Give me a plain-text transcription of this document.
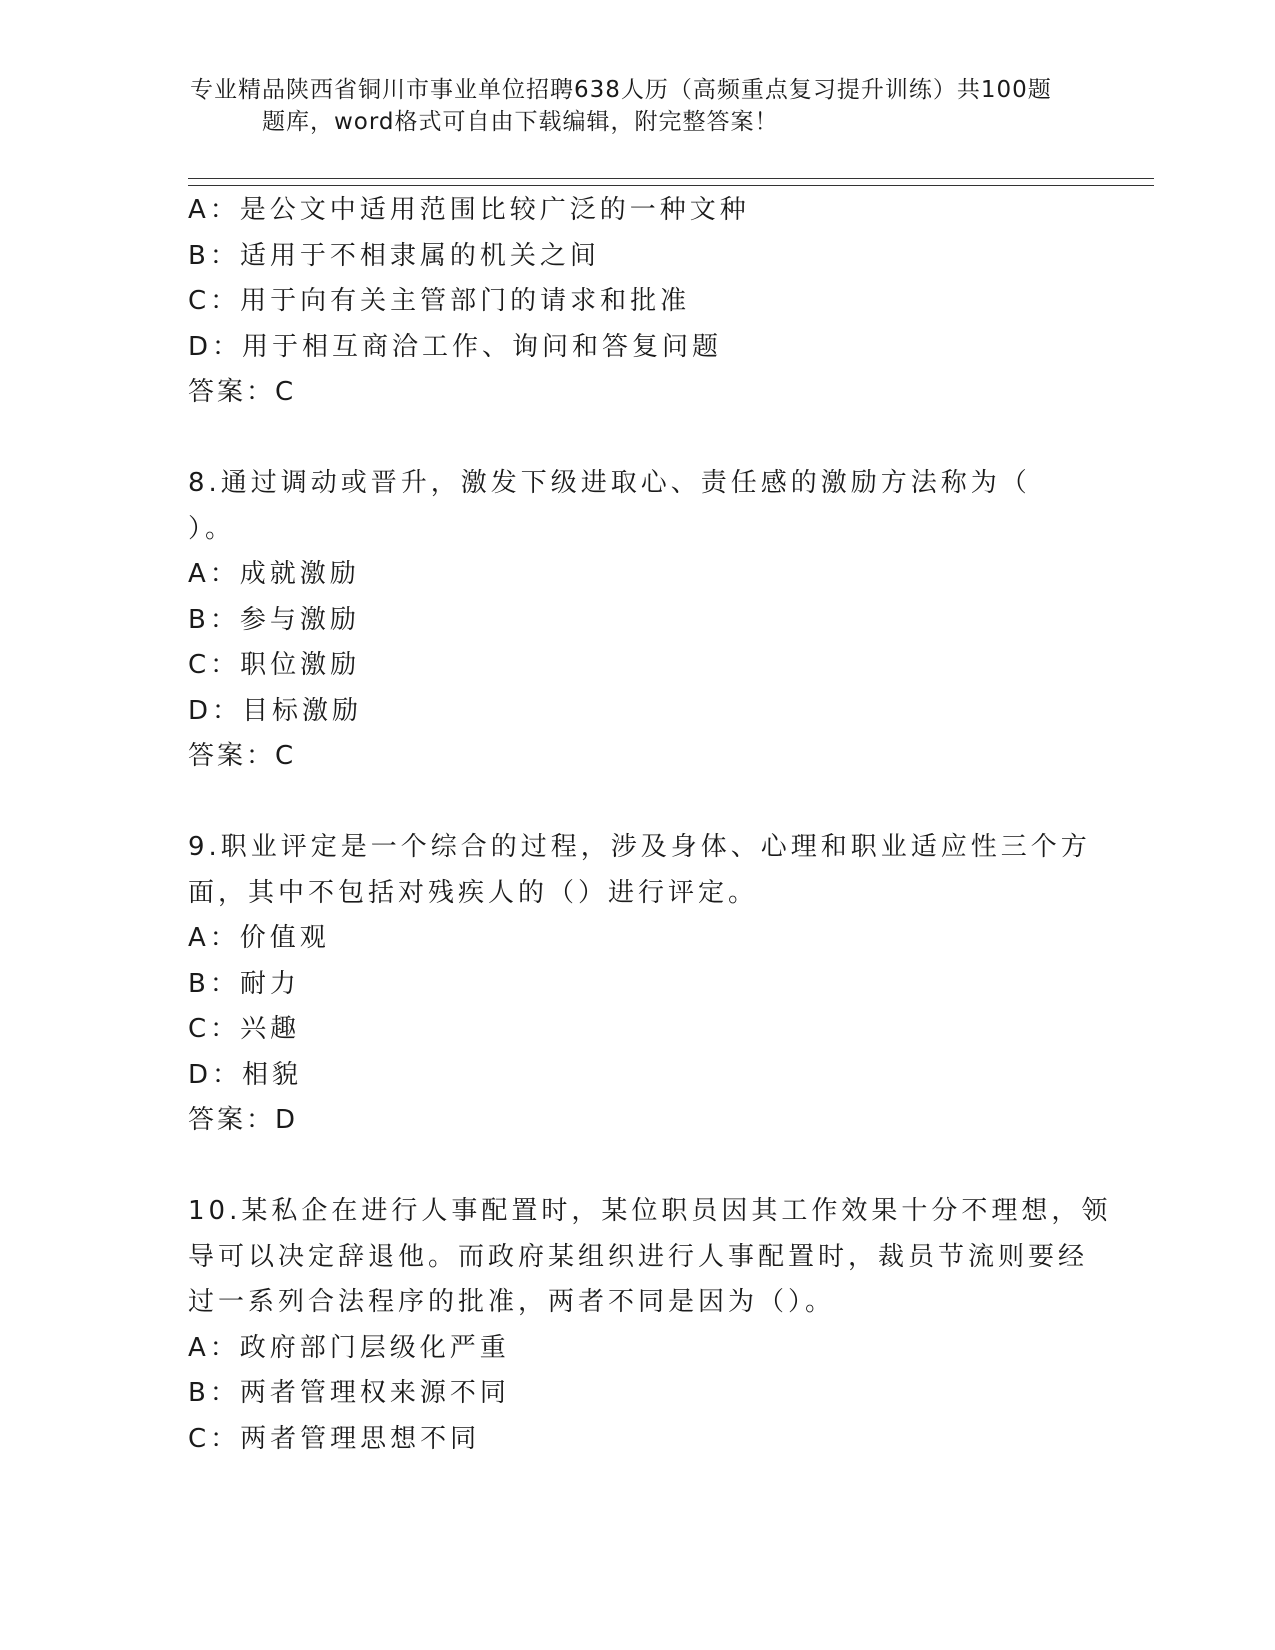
专业精品陕西省铜川市事业单位招聘638人历（高频重点复习提升训练）共100题
题库，word格式可自由下载编辑，附完整答案！
A：是公文中适用范围比较广泛的一种文种
B：适用于不相隶属的机关之间
C：用于向有关主管部门的请求和批准
D：用于相互商洽工作、询问和答复问题
答案：C
8.通过调动或晋升，激发下级进取心、责任感的激励方法称为（
）。
A：成就激励
B：参与激励
C：职位激励
D：目标激励
答案：C
9.职业评定是一个综合的过程，涉及身体、心理和职业适应性三个方
面，其中不包括对残疾人的（）进行评定。
A：价值观
B：耐力
C：兴趣
D：相貌
答案：D
10.某私企在进行人事配置时，某位职员因其工作效果十分不理想，领
导可以决定辞退他。而政府某组织进行人事配置时，裁员节流则要经
过一系列合法程序的批准，两者不同是因为（）。
A：政府部门层级化严重
B：两者管理权来源不同
C：两者管理思想不同
